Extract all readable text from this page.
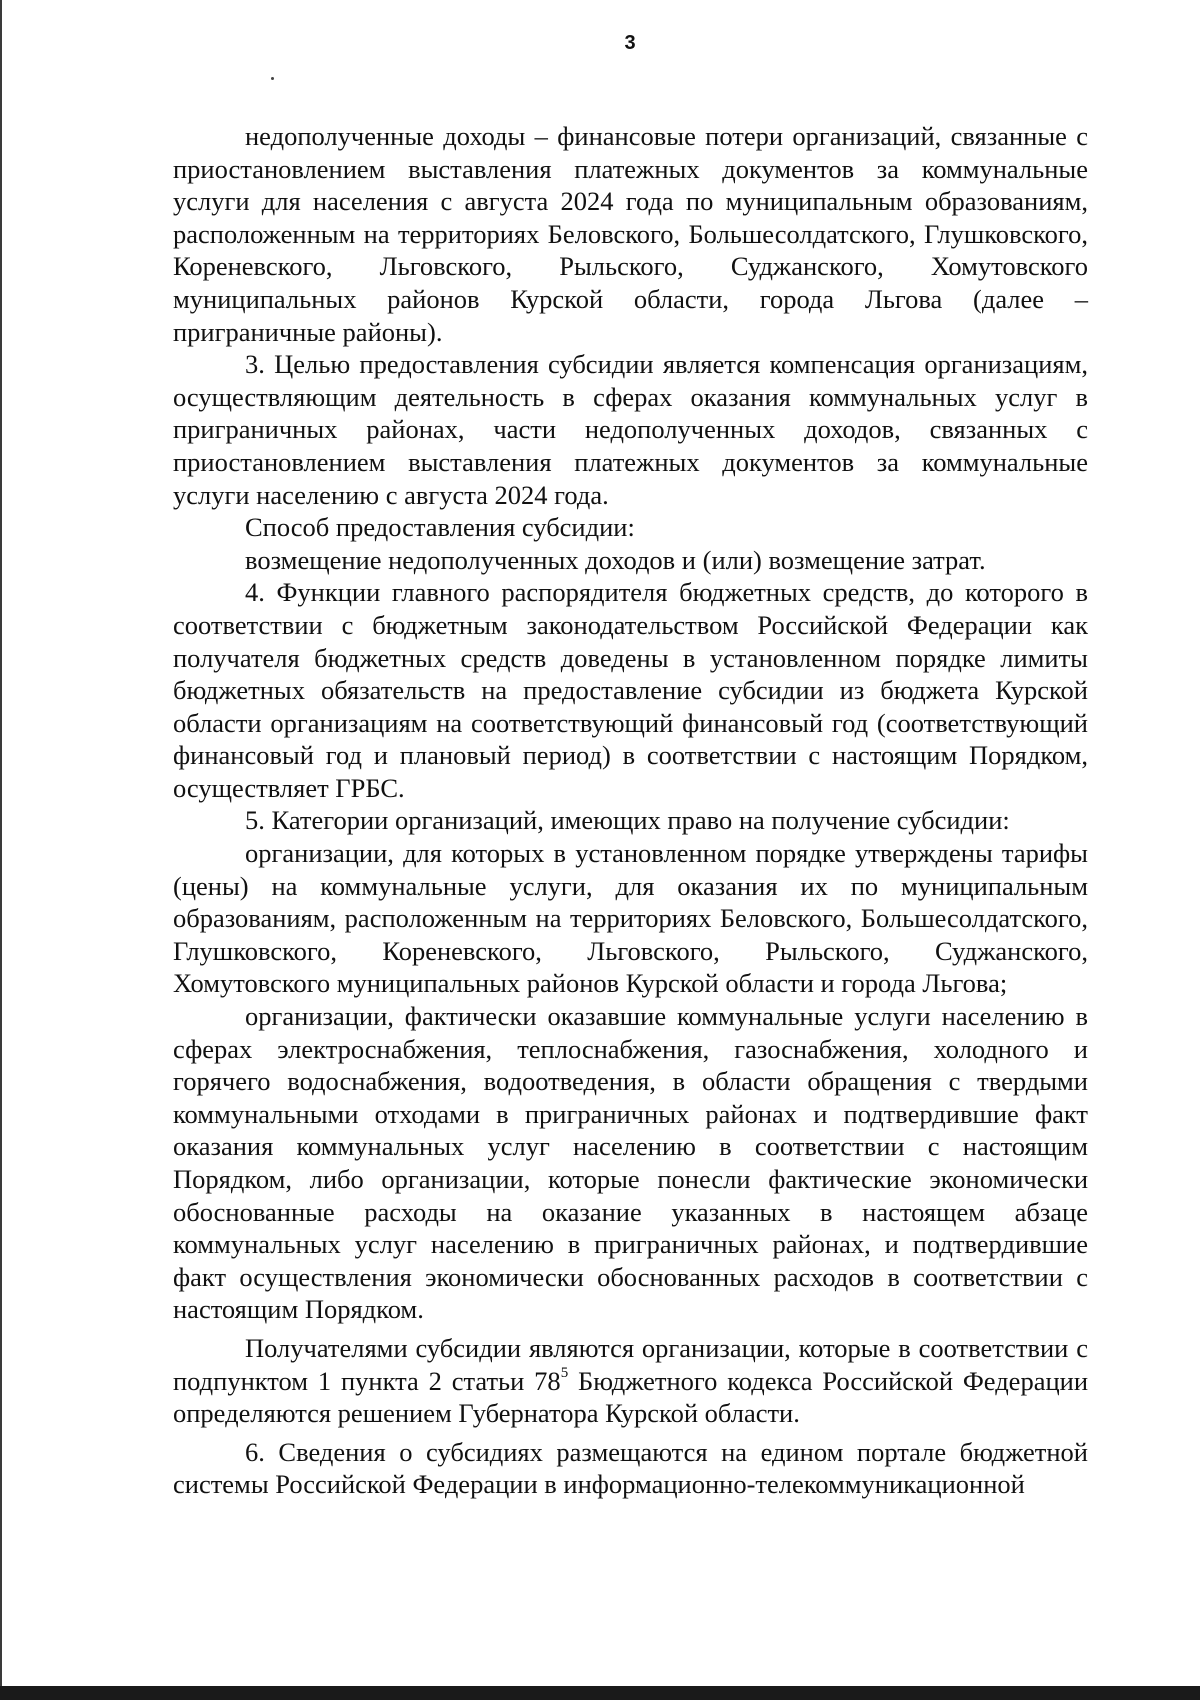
3

недополученные доходы – финансовые потери организаций, связанные с приостановлением выставления платежных документов за коммунальные услуги для населения с августа 2024 года по муниципальным образованиям, расположенным на территориях Беловского, Большесолдатского, Глушковского, Кореневского, Льговского, Рыльского, Суджанского, Хомутовского муниципальных районов Курской области, города Льгова (далее – приграничные районы).

3. Целью предоставления субсидии является компенсация организациям, осуществляющим деятельность в сферах оказания коммунальных услуг в приграничных районах, части недополученных доходов, связанных с приостановлением выставления платежных документов за коммунальные услуги населению с августа 2024 года.

Способ предоставления субсидии:

возмещение недополученных доходов и (или) возмещение затрат.

4. Функции главного распорядителя бюджетных средств, до которого в соответствии с бюджетным законодательством Российской Федерации как получателя бюджетных средств доведены в установленном порядке лимиты бюджетных обязательств на предоставление субсидии из бюджета Курской области организациям на соответствующий финансовый год (соответствующий финансовый год и плановый период) в соответствии с настоящим Порядком, осуществляет ГРБС.

5. Категории организаций, имеющих право на получение субсидии:

организации, для которых в установленном порядке утверждены тарифы (цены) на коммунальные услуги, для оказания их по муниципальным образованиям, расположенным на территориях Беловского, Большесолдатского, Глушковского, Кореневского, Льговского, Рыльского, Суджанского, Хомутовского муниципальных районов Курской области и города Льгова;

организации, фактически оказавшие коммунальные услуги населению в сферах электроснабжения, теплоснабжения, газоснабжения, холодного и горячего водоснабжения, водоотведения, в области обращения с твердыми коммунальными отходами в приграничных районах и подтвердившие факт оказания коммунальных услуг населению в соответствии с настоящим Порядком, либо организации, которые понесли фактические экономически обоснованные расходы на оказание указанных в настоящем абзаце коммунальных услуг населению в приграничных районах, и подтвердившие факт осуществления экономически обоснованных расходов в соответствии с настоящим Порядком.

Получателями субсидии являются организации, которые в соответствии с подпунктом 1 пункта 2 статьи $78^5$ Бюджетного кодекса Российской Федерации определяются решением Губернатора Курской области.

6. Сведения о субсидиях размещаются на едином портале бюджетной системы Российской Федерации в информационно-телекоммуникационной
